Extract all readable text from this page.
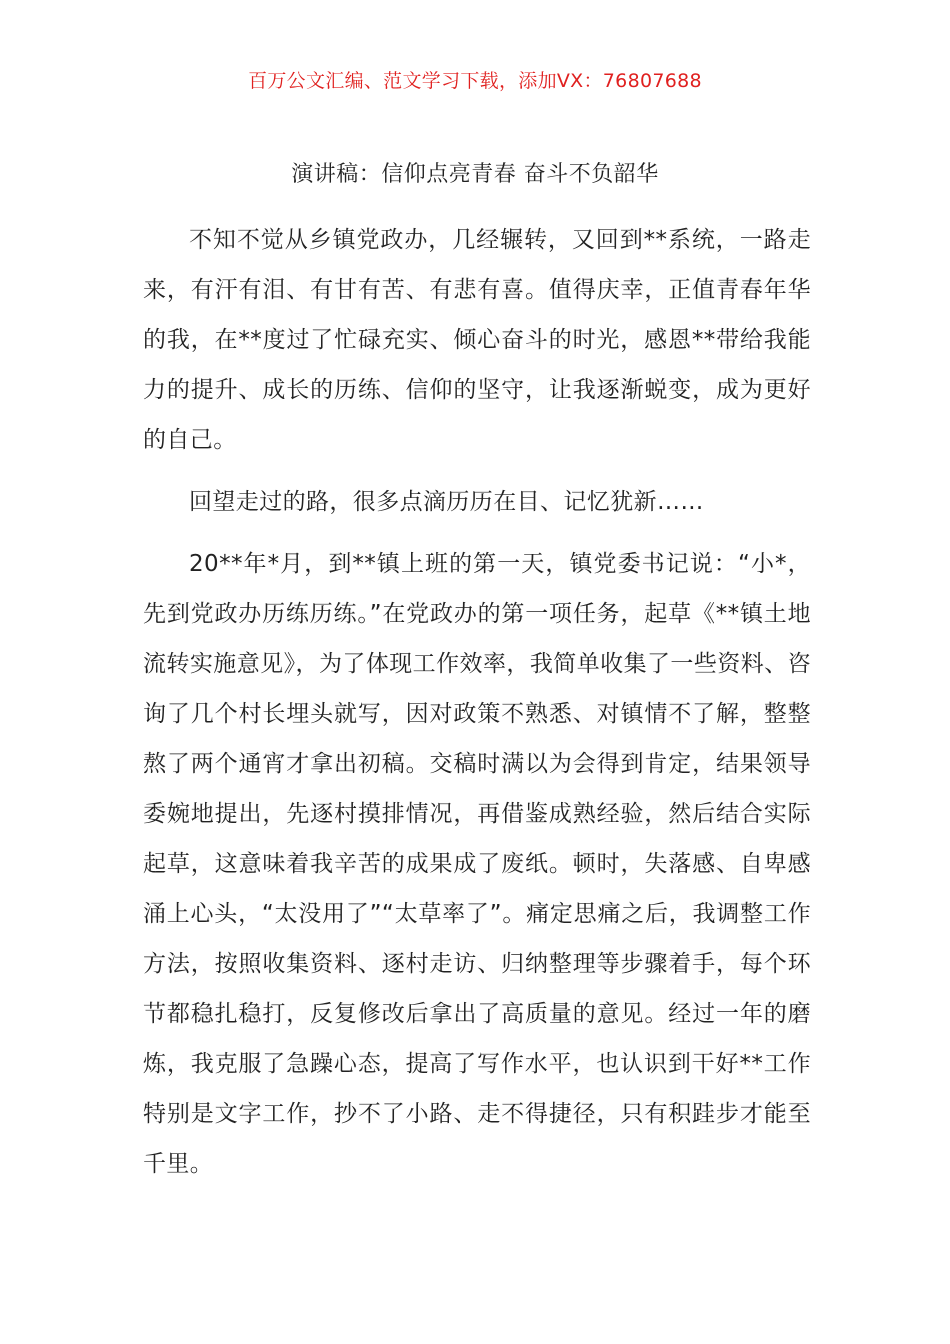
百万公文汇编、范文学习下载，添加VX：76807688
演讲稿：信仰点亮青春 奋斗不负韶华

不知不觉从乡镇党政办，几经辗转，又回到**系统，一路走来，有汗有泪、有甘有苦、有悲有喜。值得庆幸，正值青春年华的我，在**度过了忙碌充实、倾心奋斗的时光，感恩**带给我能力的提升、成长的历练、信仰的坚守，让我逐渐蜕变，成为更好的自己。

回望走过的路，很多点滴历历在目、记忆犹新……

20**年*月，到**镇上班的第一天，镇党委书记说：“小*，先到党政办历练历练。”在党政办的第一项任务，起草《**镇土地流转实施意见》，为了体现工作效率，我简单收集了一些资料、咨询了几个村长埋头就写，因对政策不熟悉、对镇情不了解，整整熬了两个通宵才拿出初稿。交稿时满以为会得到肯定，结果领导委婉地提出，先逐村摸排情况，再借鉴成熟经验，然后结合实际起草，这意味着我辛苦的成果成了废纸。顿时，失落感、自卑感涌上心头，“太没用了”“太草率了”。痛定思痛之后，我调整工作方法，按照收集资料、逐村走访、归纳整理等步骤着手，每个环节都稳扎稳打，反复修改后拿出了高质量的意见。经过一年的磨炼，我克服了急躁心态，提高了写作水平，也认识到干好**工作特别是文字工作，抄不了小路、走不得捷径，只有积跬步才能至千里。
